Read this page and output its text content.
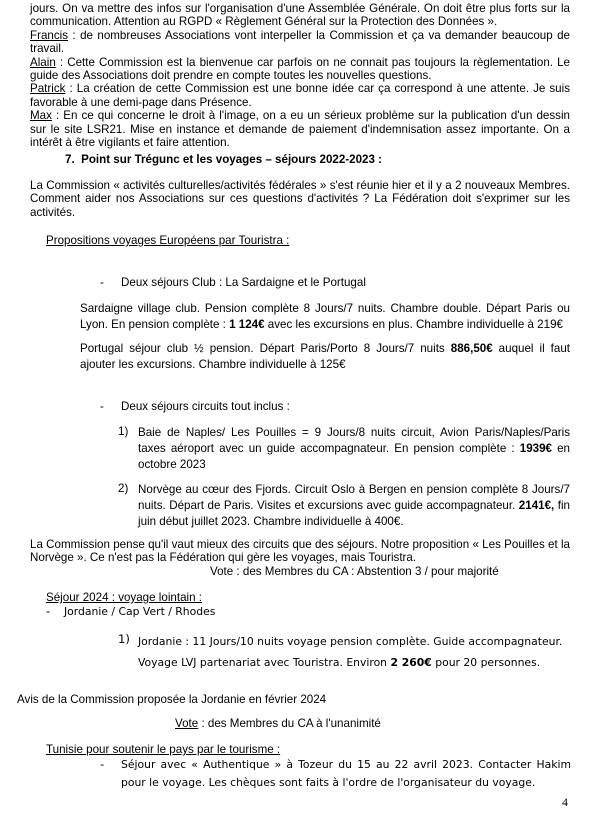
jours. On va mettre des infos sur l'organisation d'une Assemblée Générale. On doit être plus forts sur la communication. Attention au RGPD « Règlement Général sur la Protection des Données ».
Francis : de nombreuses Associations vont interpeller la Commission et ça va demander beaucoup de travail.
Alain : Cette Commission est la bienvenue car parfois on ne connait pas toujours la règlementation. Le guide des Associations doit prendre en compte toutes les nouvelles questions.
Patrick : La création de cette Commission est une bonne idée car ça correspond à une attente. Je suis favorable à une demi-page dans Présence.
Max : En ce qui concerne le droit à l'image, on a eu un sérieux problème sur la publication d'un dessin sur le site LSR21. Mise en instance et demande de paiement d'indemnisation assez importante. On a intérêt à être vigilants et faire attention.
7.  Point sur Trégunc et les voyages – séjours 2022-2023 :
La Commission « activités culturelles/activités fédérales » s'est réunie hier et il y a 2 nouveaux Membres. Comment aider nos Associations sur ces questions d'activités ? La Fédération doit s'exprimer sur les activités.
Propositions voyages Européens par Touristra :
- Deux séjours Club : La Sardaigne et le Portugal
Sardaigne village club. Pension complète 8 Jours/7 nuits. Chambre double. Départ Paris ou Lyon. En pension complète : 1 124€ avec les excursions en plus. Chambre individuelle à 219€
Portugal séjour club ½ pension. Départ Paris/Porto 8 Jours/7 nuits 886,50€ auquel il faut ajouter les excursions. Chambre individuelle à 125€
- Deux séjours circuits tout inclus :
1) Baie de Naples/ Les Pouilles = 9 Jours/8 nuits circuit, Avion Paris/Naples/Paris taxes aéroport avec un guide accompagnateur. En pension complète : 1939€ en octobre 2023
2) Norvège au cœur des Fjords. Circuit Oslo à Bergen en pension complète 8 Jours/7 nuits. Départ de Paris. Visites et excursions avec guide accompagnateur. 2141€, fin juin début juillet 2023. Chambre individuelle à 400€.
La Commission pense qu'il vaut mieux des circuits que des séjours. Notre proposition « Les Pouilles et la Norvège ». Ce n'est pas la Fédération qui gère les voyages, mais Touristra.
Vote : des Membres du CA : Abstention 3 / pour majorité
Séjour 2024 : voyage lointain :
- Jordanie / Cap Vert / Rhodes
1) Jordanie : 11 Jours/10 nuits voyage pension complète. Guide accompagnateur. Voyage LVJ partenariat avec Touristra. Environ 2 260€ pour 20 personnes.
Avis de la Commission proposée la Jordanie en février 2024
Vote : des Membres du CA à l'unanimité
Tunisie pour soutenir le pays par le tourisme :
- Séjour avec « Authentique » à Tozeur du 15 au 22 avril 2023. Contacter Hakim pour le voyage. Les chèques sont faits à l'ordre de l'organisateur du voyage.
4
